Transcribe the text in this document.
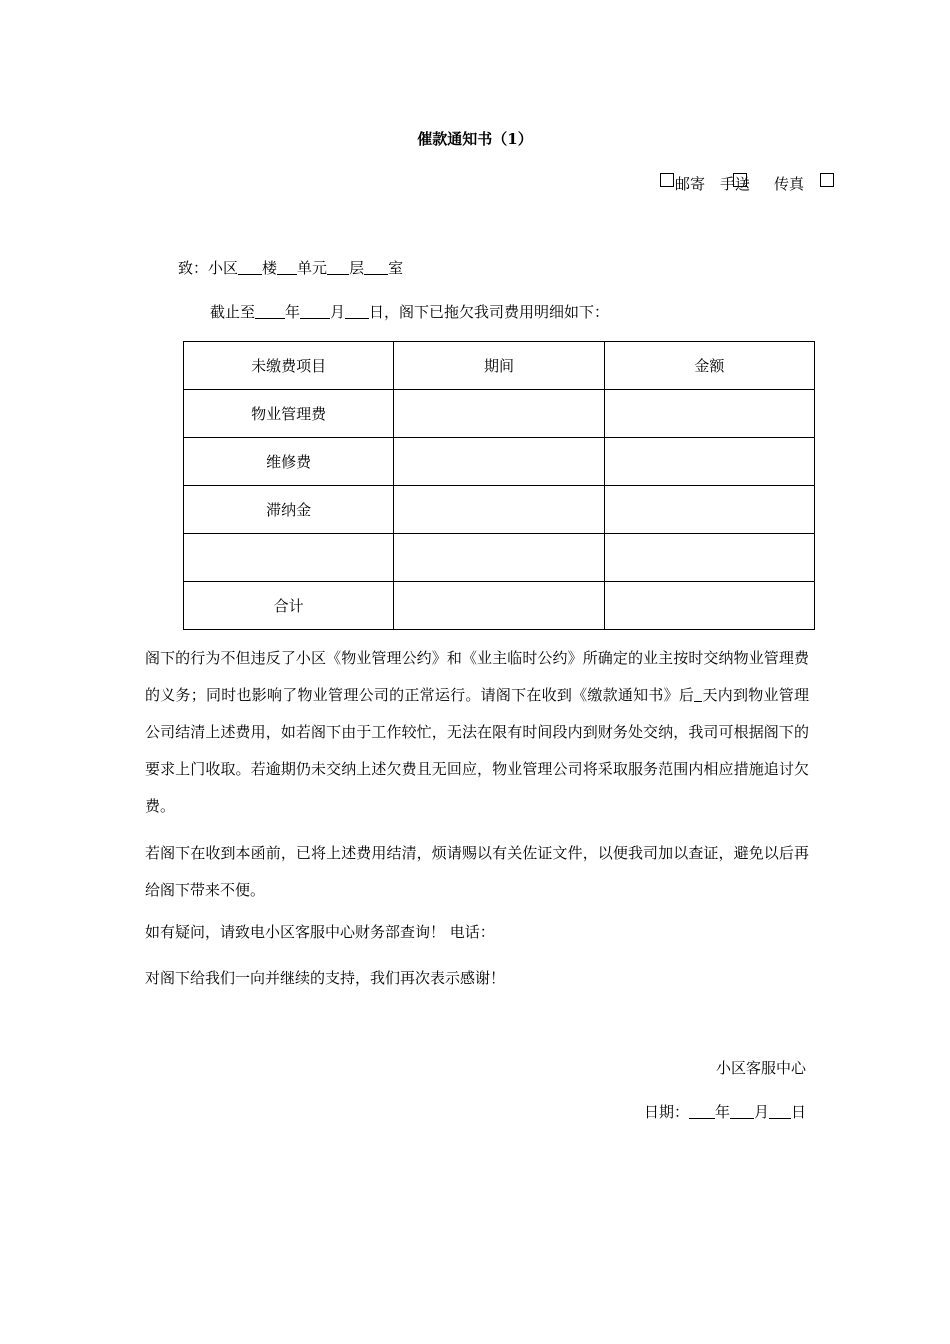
催款通知书（1）
邮寄 手送 传真
致：小区 楼 单元 层 室
截止至 年 月 日，阁下已拖欠我司费用明细如下：
未缴费项目	期间	金额
物业管理费		
维修费		
滞纳金		

合计		
阁下的行为不但违反了小区《物业管理公约》和《业主临时公约》所确定的业主按时交纳物业管理费的义务；同时也影响了物业管理公司的正常运行。请阁下在收到《缴款通知书》后 天内到物业管理公司结清上述费用，如若阁下由于工作较忙，无法在限有时间段内到财务处交纳，我司可根据阁下的要求上门收取。若逾期仍未交纳上述欠费且无回应，物业管理公司将采取服务范围内相应措施追讨欠费。
若阁下在收到本函前，已将上述费用结清，烦请赐以有关佐证文件，以便我司加以查证，避免以后再给阁下带来不便。
如有疑问，请致电小区客服中心财务部查询！ 电话：
对阁下给我们一向并继续的支持，我们再次表示感谢！
小区客服中心
日期： 年 月 日
